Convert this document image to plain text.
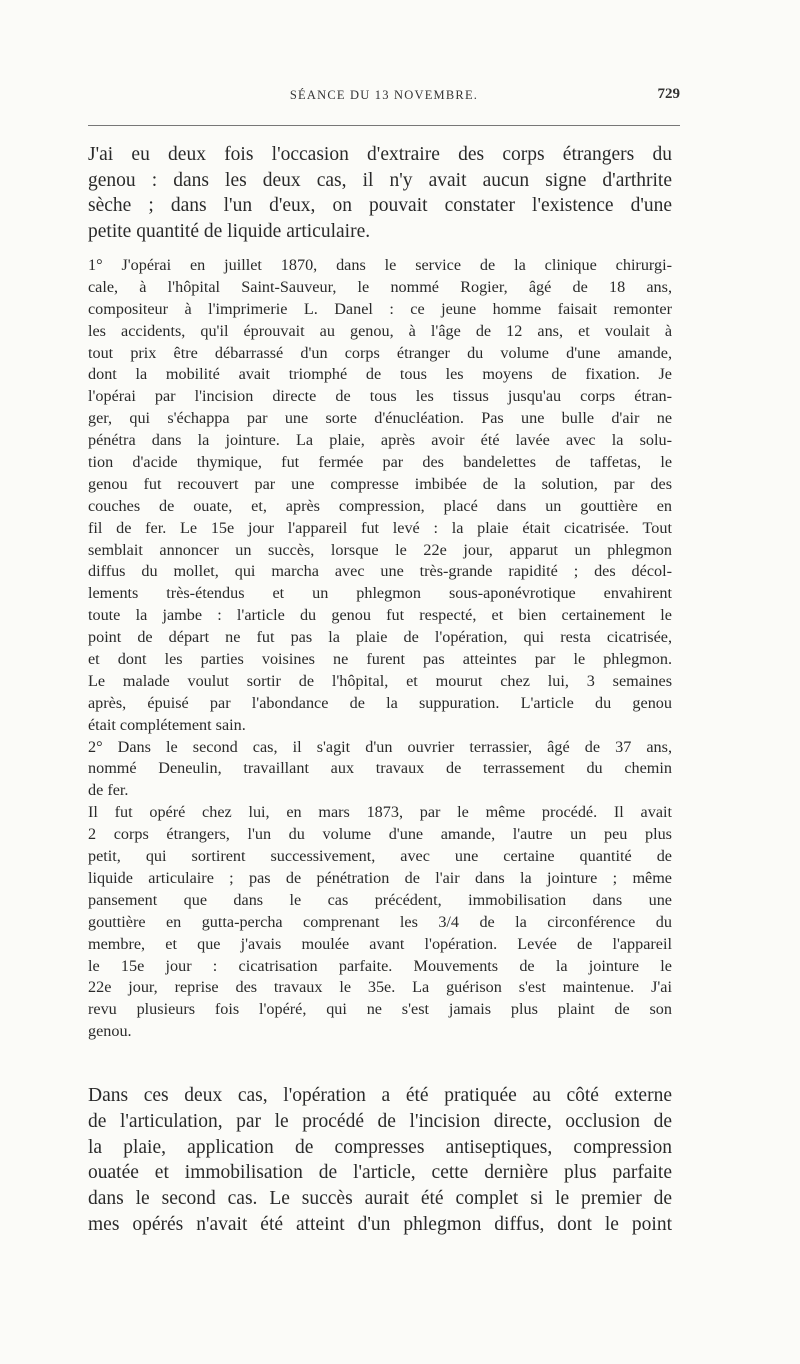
SÉANCE DU 13 NOVEMBRE.	729
J'ai eu deux fois l'occasion d'extraire des corps étrangers du
genou : dans les deux cas, il n'y avait aucun signe d'arthrite
sèche ; dans l'un d'eux, on pouvait constater l'existence d'une
petite quantité de liquide articulaire.
1° J'opérai en juillet 1870, dans le service de la clinique chirurgi-
cale, à l'hôpital Saint-Sauveur, le nommé Rogier, âgé de 18 ans,
compositeur à l'imprimerie L. Danel : ce jeune homme faisait remonter
les accidents, qu'il éprouvait au genou, à l'âge de 12 ans, et voulait à
tout prix être débarrassé d'un corps étranger du volume d'une amande,
dont la mobilité avait triomphé de tous les moyens de fixation. Je
l'opérai par l'incision directe de tous les tissus jusqu'au corps étran-
ger, qui s'échappa par une sorte d'énucléation. Pas une bulle d'air ne
pénétra dans la jointure. La plaie, après avoir été lavée avec la solu-
tion d'acide thymique, fut fermée par des bandelettes de taffetas, le
genou fut recouvert par une compresse imbibée de la solution, par des
couches de ouate, et, après compression, placé dans un gouttière en
fil de fer. Le 15e jour l'appareil fut levé : la plaie était cicatrisée. Tout
semblait annoncer un succès, lorsque le 22e jour, apparut un phlegmon
diffus du mollet, qui marcha avec une très-grande rapidité ; des décol-
lements très-étendus et un phlegmon sous-aponévrotique envahirent
toute la jambe : l'article du genou fut respecté, et bien certainement le
point de départ ne fut pas la plaie de l'opération, qui resta cicatrisée,
et dont les parties voisines ne furent pas atteintes par le phlegmon.
Le malade voulut sortir de l'hôpital, et mourut chez lui, 3 semaines
après, épuisé par l'abondance de la suppuration. L'article du genou
était complétement sain.
2° Dans le second cas, il s'agit d'un ouvrier terrassier, âgé de 37 ans,
nommé Deneulin, travaillant aux travaux de terrassement du chemin
de fer.
Il fut opéré chez lui, en mars 1873, par le même procédé. Il avait
2 corps étrangers, l'un du volume d'une amande, l'autre un peu plus
petit, qui sortirent successivement, avec une certaine quantité de
liquide articulaire ; pas de pénétration de l'air dans la jointure ; même
pansement que dans le cas précédent, immobilisation dans une
gouttière en gutta-percha comprenant les 3/4 de la circonférence du
membre, et que j'avais moulée avant l'opération. Levée de l'appareil
le 15e jour : cicatrisation parfaite. Mouvements de la jointure le
22e jour, reprise des travaux le 35e. La guérison s'est maintenue. J'ai
revu plusieurs fois l'opéré, qui ne s'est jamais plus plaint de son
genou.
Dans ces deux cas, l'opération a été pratiquée au côté externe
de l'articulation, par le procédé de l'incision directe, occlusion de
la plaie, application de compresses antiseptiques, compression
ouatée et immobilisation de l'article, cette dernière plus parfaite
dans le second cas. Le succès aurait été complet si le premier de
mes opérés n'avait été atteint d'un phlegmon diffus, dont le point
